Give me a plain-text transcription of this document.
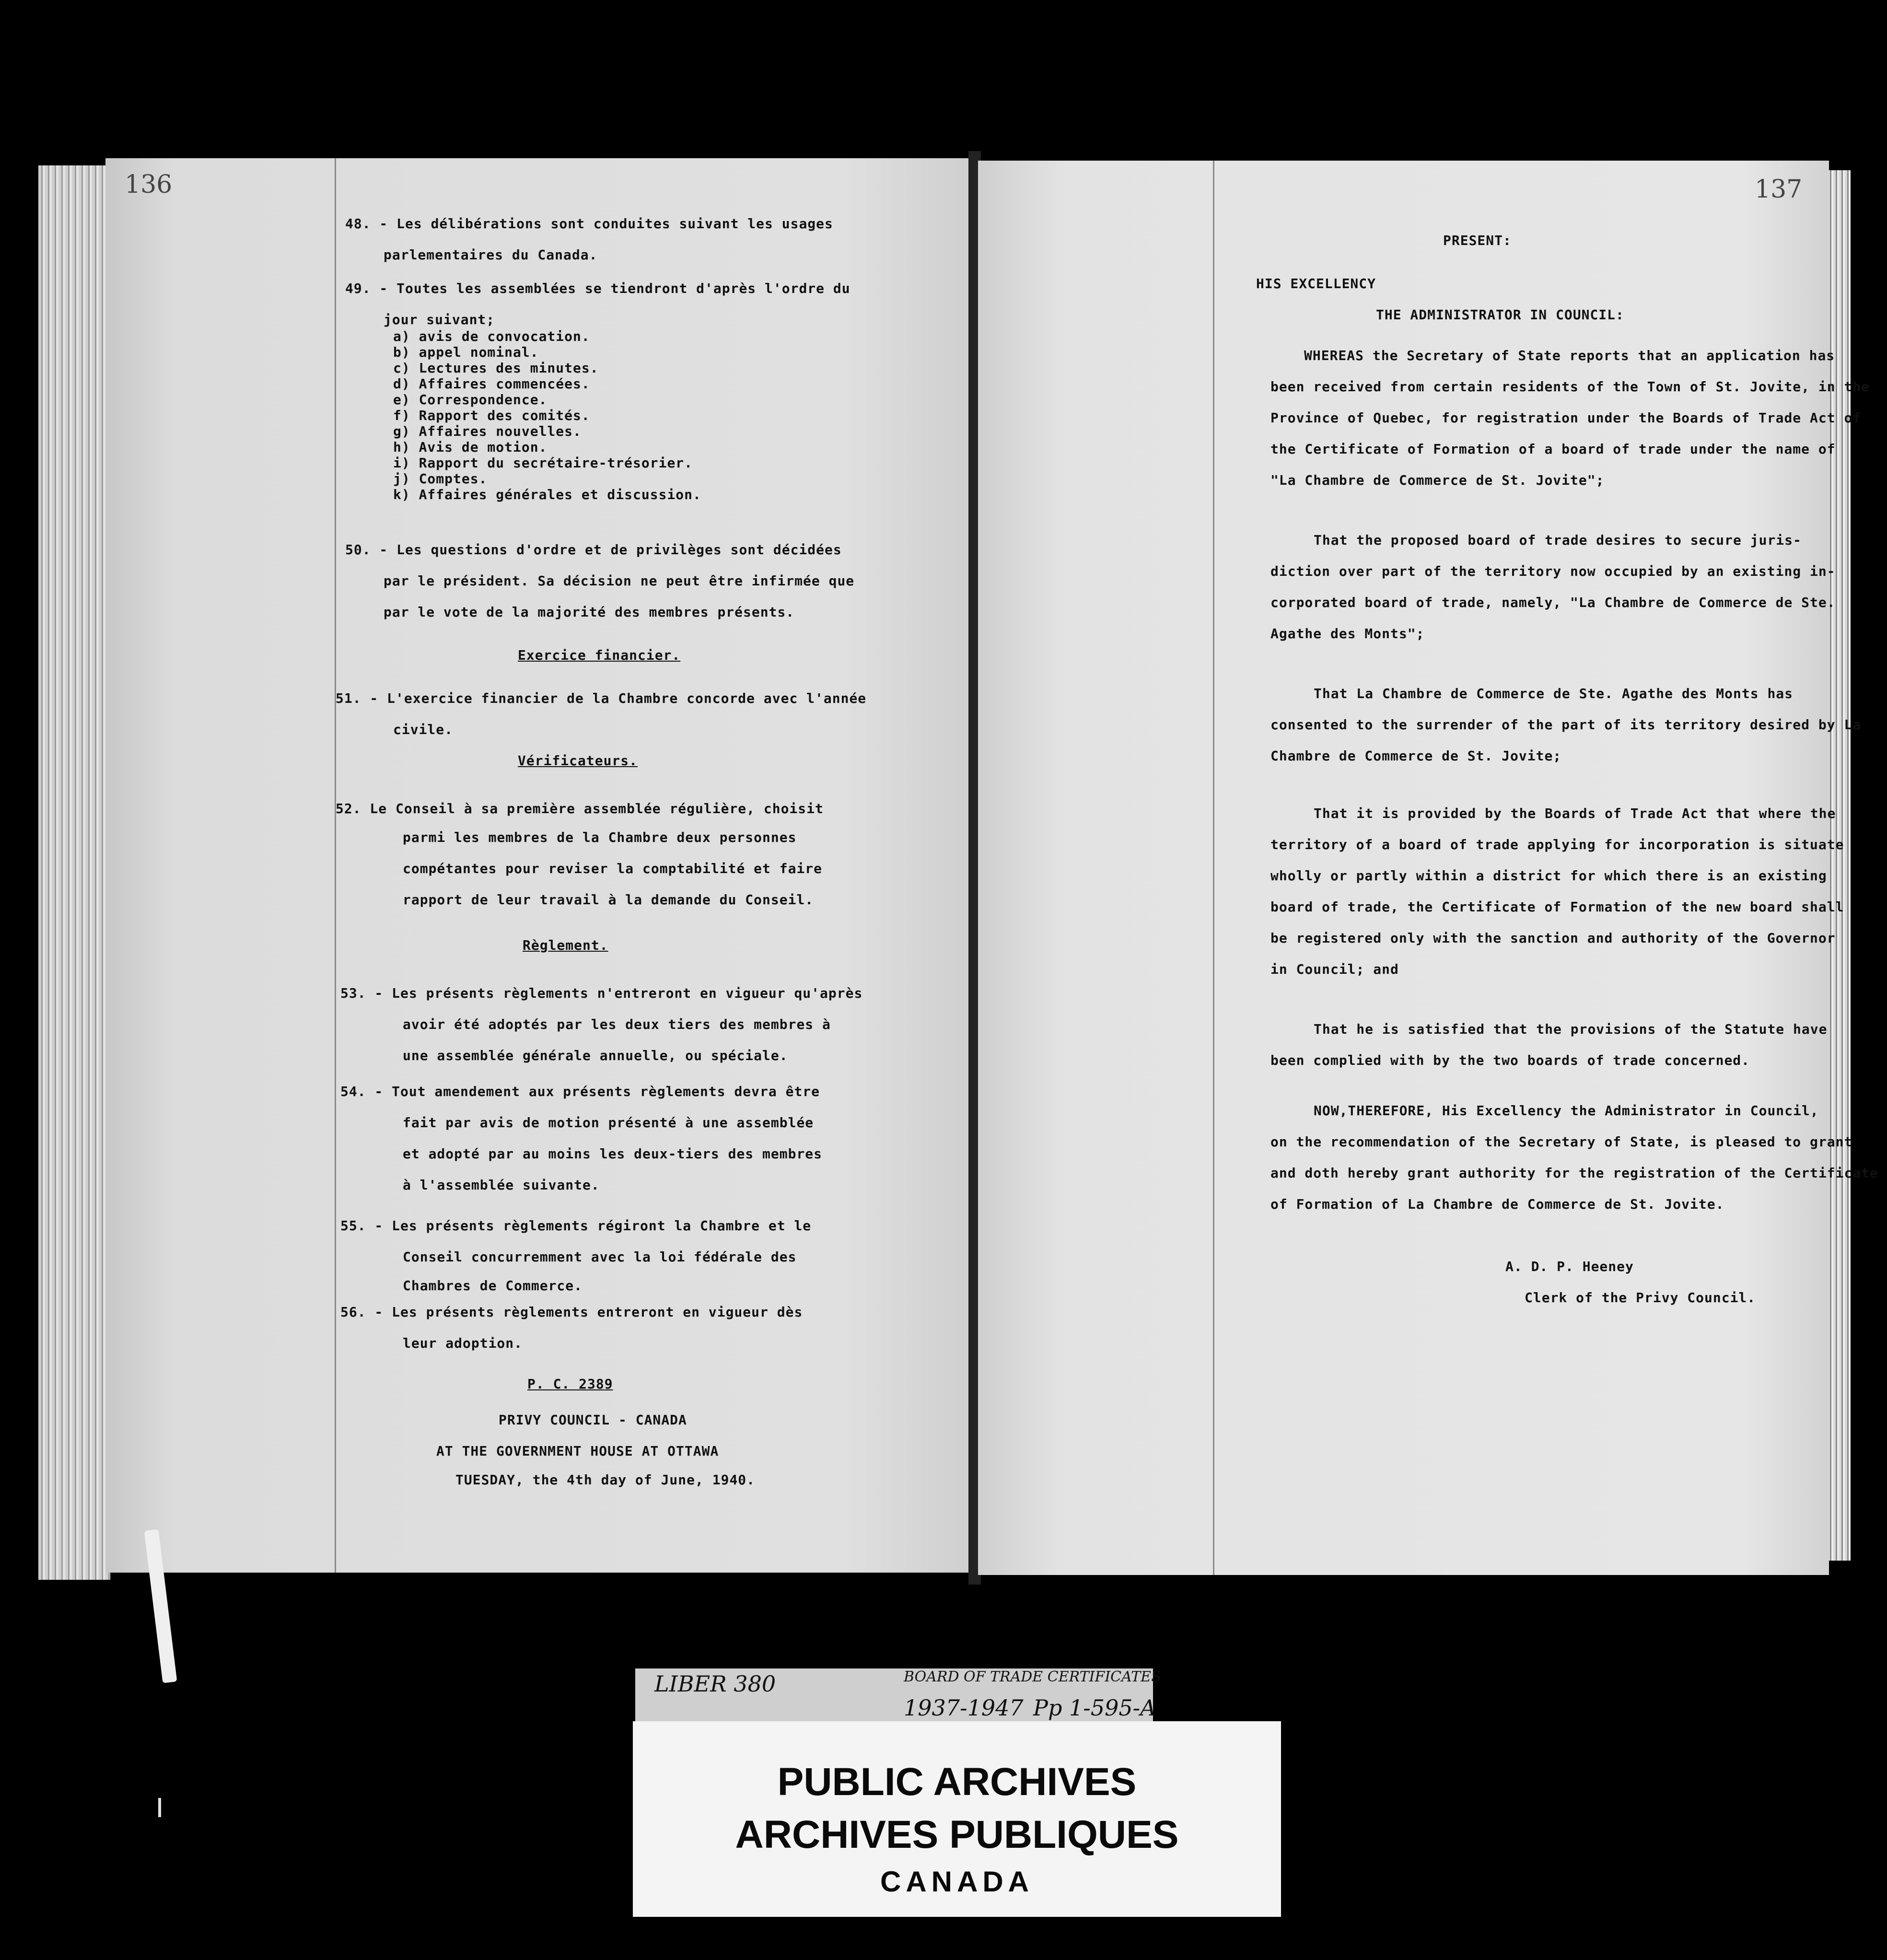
136
48. - Les délibérations sont conduites suivant les usages
parlementaires du Canada.
49. - Toutes les assemblées se tiendront d'après l'ordre du
jour suivant;
a) avis de convocation.
b) appel nominal.
c) Lectures des minutes.
d) Affaires commencées.
e) Correspondence.
f) Rapport des comités.
g) Affaires nouvelles.
h) Avis de motion.
i) Rapport du secrétaire-trésorier.
j) Comptes.
k) Affaires générales et discussion.
50. - Les questions d'ordre et de privilèges sont décidées
par le président. Sa décision ne peut être infirmée que
par le vote de la majorité des membres présents.
Exercice financier.
51. - L'exercice financier de la Chambre concorde avec l'année
civile.
Vérificateurs.
52. Le Conseil à sa première assemblée régulière, choisit
parmi les membres de la Chambre deux personnes
compétantes pour reviser la comptabilité et faire
rapport de leur travail à la demande du Conseil.
Règlement.
53. - Les présents règlements n'entreront en vigueur qu'après
avoir été adoptés par les deux tiers des membres à
une assemblée générale annuelle, ou spéciale.
54. - Tout amendement aux présents règlements devra être
fait par avis de motion présenté à une assemblée
et adopté par au moins les deux-tiers des membres
à l'assemblée suivante.
55. - Les présents règlements régiront la Chambre et le
Conseil concurremment avec la loi fédérale des
Chambres de Commerce.
56. - Les présents règlements entreront en vigueur dès
leur adoption.
P. C. 2389
PRIVY COUNCIL - CANADA
AT THE GOVERNMENT HOUSE AT OTTAWA
TUESDAY, the 4th day of June, 1940.
137
PRESENT:
HIS EXCELLENCY
THE ADMINISTRATOR IN COUNCIL:
WHEREAS the Secretary of State reports that an application has
been received from certain residents of the Town of St. Jovite, in the
Province of Quebec, for registration under the Boards of Trade Act of
the Certificate of Formation of a board of trade under the name of
"La Chambre de Commerce de St. Jovite";
That the proposed board of trade desires to secure juris-
diction over part of the territory now occupied by an existing in-
corporated board of trade, namely, "La Chambre de Commerce de Ste.
Agathe des Monts";
That La Chambre de Commerce de Ste. Agathe des Monts has
consented to the surrender of the part of its territory desired by La
Chambre de Commerce de St. Jovite;
That it is provided by the Boards of Trade Act that where the
territory of a board of trade applying for incorporation is situate
wholly or partly within a district for which there is an existing
board of trade, the Certificate of Formation of the new board shall
be registered only with the sanction and authority of the Governor
in Council; and
That he is satisfied that the provisions of the Statute have
been complied with by the two boards of trade concerned.
NOW,THEREFORE, His Excellency the Administrator in Council,
on the recommendation of the Secretary of State, is pleased to grant
and doth hereby grant authority for the registration of the Certificate
of Formation of La Chambre de Commerce de St. Jovite.
A. D. P. Heeney
Clerk of the Privy Council.
LIBER 380	BOARD OF TRADE CERTIFICATES
1937-1947 Pp 1-595-A
PUBLIC ARCHIVES
ARCHIVES PUBLIQUES
CANADA
